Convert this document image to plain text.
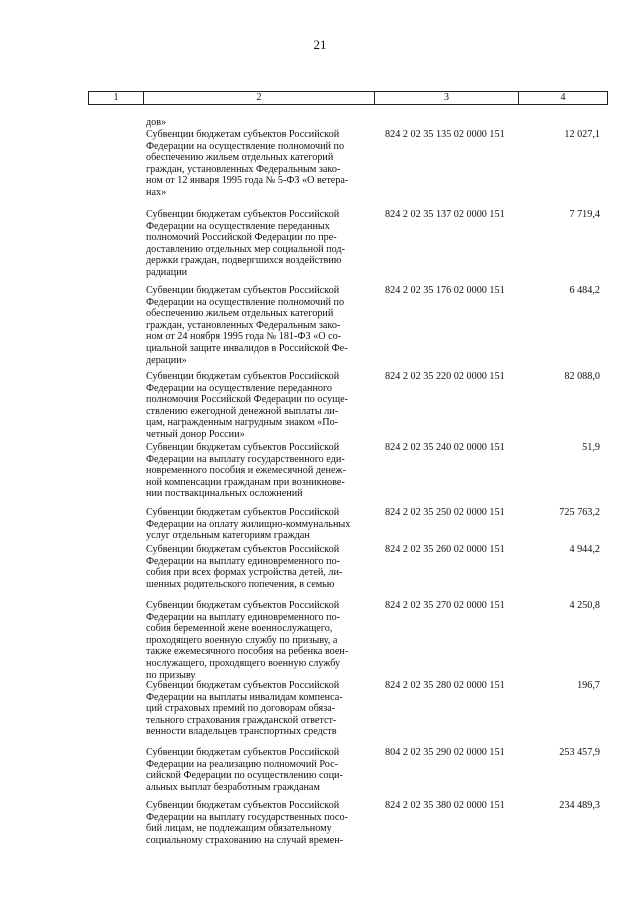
21
1	2	3	4
дов»
Субвенции бюджетам субъектов Российской
Федерации на осуществление полномочий по
обеспечению жильем отдельных категорий
граждан, установленных Федеральным зако-
ном от 12 января 1995 года № 5-ФЗ «О ветера-
нах»
824 2 02 35 135 02 0000 151	12 027,1
Субвенции бюджетам субъектов Российской
Федерации на осуществление переданных
полномочий Российской Федерации по пре-
доставлению отдельных мер социальной под-
держки граждан, подвергшихся воздействию
радиации
824 2 02 35 137 02 0000 151	7 719,4
Субвенции бюджетам субъектов Российской
Федерации на осуществление полномочий по
обеспечению жильем отдельных категорий
граждан, установленных Федеральным зако-
ном от 24 ноября 1995 года № 181-ФЗ «О со-
циальной защите инвалидов в Российской Фе-
дерации»
824 2 02 35 176 02 0000 151	6 484,2
Субвенции бюджетам субъектов Российской
Федерации на осуществление переданного
полномочия Российской Федерации по осуще-
ствлению ежегодной денежной выплаты ли-
цам, награжденным нагрудным знаком «По-
четный донор России»
824 2 02 35 220 02 0000 151	82 088,0
Субвенции бюджетам субъектов Российской
Федерации на выплату государственного еди-
новременного пособия и ежемесячной денеж-
ной компенсации гражданам при возникнове-
нии поствакцинальных осложнений
824 2 02 35 240 02 0000 151	51,9
Субвенции бюджетам субъектов Российской
Федерации на оплату жилищно-коммунальных
услуг отдельным категориям граждан
824 2 02 35 250 02 0000 151	725 763,2
Субвенции бюджетам субъектов Российской
Федерации на выплату единовременного по-
собия при всех формах устройства детей, ли-
шенных родительского попечения, в семью
824 2 02 35 260 02 0000 151	4 944,2
Субвенции бюджетам субъектов Российской
Федерации на выплату единовременного по-
собия беременной жене военнослужащего,
проходящего военную службу по призыву, а
также ежемесячного пособия на ребенка воен-
нослужащего, проходящего военную службу
по призыву
824 2 02 35 270 02 0000 151	4 250,8
Субвенции бюджетам субъектов Российской
Федерации на выплаты инвалидам компенса-
ций страховых премий по договорам обяза-
тельного страхования гражданской ответст-
венности владельцев транспортных средств
824 2 02 35 280 02 0000 151	196,7
Субвенции бюджетам субъектов Российской
Федерации на реализацию полномочий Рос-
сийской Федерации по осуществлению соци-
альных выплат безработным гражданам
804 2 02 35 290 02 0000 151	253 457,9
Субвенции бюджетам субъектов Российской
Федерации на выплату государственных посо-
бий лицам, не подлежащим обязательному
социальному страхованию на случай времен-
824 2 02 35 380 02 0000 151	234 489,3
